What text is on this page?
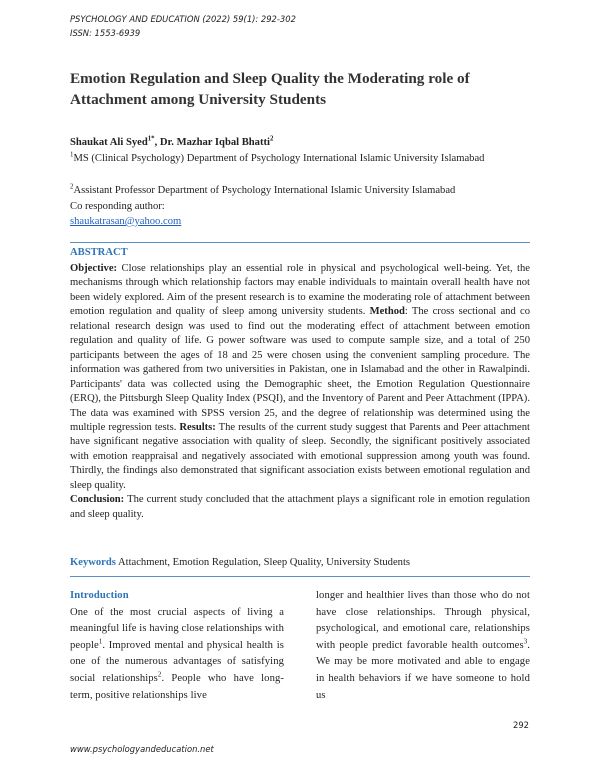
PSYCHOLOGY AND EDUCATION (2022) 59(1): 292-302
ISSN: 1553-6939
Emotion Regulation and Sleep Quality the Moderating role of
Attachment among University Students
Shaukat Ali Syed$^{1*}$, Dr. Mazhar Iqbal Bhatti$^2$
$^1$MS (Clinical Psychology) Department of Psychology International Islamic University Islamabad
$^2$Assistant Professor Department of Psychology International Islamic University Islamabad
Co responding author:
shaukatrasan@yahoo.com
ABSTRACT
Objective: Close relationships play an essential role in physical and psychological well-being. Yet, the mechanisms through which relationship factors may enable individuals to maintain overall health have not been widely explored. Aim of the present research is to examine the moderating role of attachment between emotion regulation and quality of sleep among university students. Method: The cross sectional and co relational research design was used to find out the moderating effect of attachment between emotion regulation and quality of life. G power software was used to compute sample size, and a total of 250 participants between the ages of 18 and 25 were chosen using the convenient sampling procedure. The information was gathered from two universities in Pakistan, one in Islamabad and the other in Rawalpindi. Participants' data was collected using the Demographic sheet, the Emotion Regulation Questionnaire (ERQ), the Pittsburgh Sleep Quality Index (PSQI), and the Inventory of Parent and Peer Attachment (IPPA). The data was examined with SPSS version 25, and the degree of relationship was determined using the multiple regression tests. Results: The results of the current study suggest that Parents and Peer attachment have significant negative association with quality of sleep. Secondly, the significant positively associated with emotion reappraisal and negatively associated with emotional suppression among youth was found. Thirdly, the findings also demonstrated that significant association exists between emotional regulation and sleep quality.
Conclusion: The current study concluded that the attachment plays a significant role in emotion regulation and sleep quality.
Keywords Attachment, Emotion Regulation, Sleep Quality, University Students
Introduction
One of the most crucial aspects of living a meaningful life is having close relationships with people$^1$. Improved mental and physical health is one of the numerous advantages of satisfying social relationships$^2$. People who have long-term, positive relationships live
longer and healthier lives than those who do not have close relationships. Through physical, psychological, and emotional care, relationships with people predict favorable health outcomes$^3$. We may be more motivated and able to engage in health behaviors if we have someone to hold us
292
www.psychologyandeducation.net
